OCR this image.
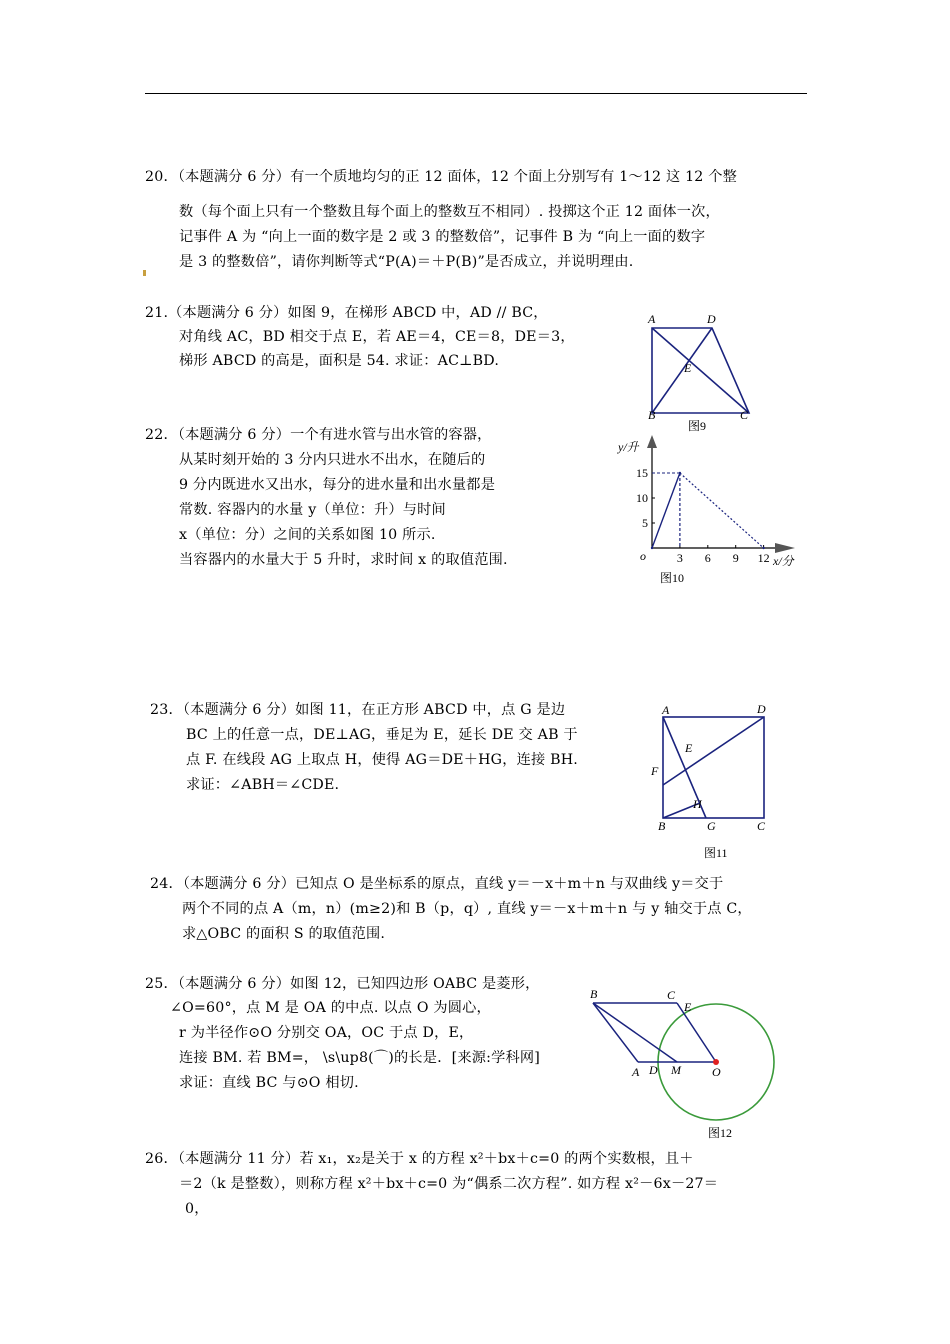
20．（本题满分 6 分）有一个质地均匀的正 12 面体，12 个面上分别写有 1〜12 这 12 个整
数（每个面上只有一个整数且每个面上的整数互不相同）. 投掷这个正 12 面体一次，
记事件 A 为 “向上一面的数字是 2 或 3 的整数倍”，记事件 B 为 “向上一面的数字
是 3 的整数倍”，请你判断等式“P(A)＝＋P(B)”是否成立，并说明理由.
21.（本题满分 6 分）如图 9，在梯形 ABCD 中，AD // BC，
对角线 AC，BD 相交于点 E，若 AE＝4，CE＝8，DE＝3，
梯形 ABCD 的高是，面积是 54. 求证：AC⊥BD.
A	D
E
B	C
图9
22．（本题满分 6 分）一个有进水管与出水管的容器，
从某时刻开始的 3 分内只进水不出水，在随后的
9 分内既进水又出水，每分的进水量和出水量都是
常数. 容器内的水量 y（单位：升）与时间
x（单位：分）之间的关系如图 10 所示.
当容器内的水量大于 5 升时，求时间 x 的取值范围.
y/升
x/分
o	3 6 9 12
15
10
5
图10
23．（本题满分 6 分）如图 11，在正方形 ABCD 中，点 G 是边
BC 上的任意一点，DE⊥AG，垂足为 E，延长 DE 交 AB 于
点 F. 在线段 AG 上取点 H，使得 AG＝DE＋HG，连接 BH.
求证：∠ABH＝∠CDE.
A	D
E
F
H
B	G	C
图11
24．（本题满分 6 分）已知点 O 是坐标系的原点，直线 y＝－x＋m＋n 与双曲线 y＝交于
两个不同的点 A（m，n）(m≥2)和 B（p，q）, 直线 y＝－x＋m＋n 与 y 轴交于点 C，
求△OBC 的面积 S 的取值范围.
25．（本题满分 6 分）如图 12，已知四边形 OABC 是菱形，
∠O=60°，点 M 是 OA 的中点. 以点 O 为圆心，
r 为半径作⊙O 分别交 OA，OC 于点 D，E，
连接 BM. 若 BM=， \s\up8(⌒)的长是．[来源:学科网]
求证：直线 BC 与⊙O 相切.
B	C
E
A D M	O
图12
26．（本题满分 11 分）若 x₁，x₂是关于 x 的方程 x²＋bx＋c=0 的两个实数根，且＋
＝2（k 是整数），则称方程 x²＋bx＋c=0 为“偶系二次方程”. 如方程 x²－6x－27＝
0，
